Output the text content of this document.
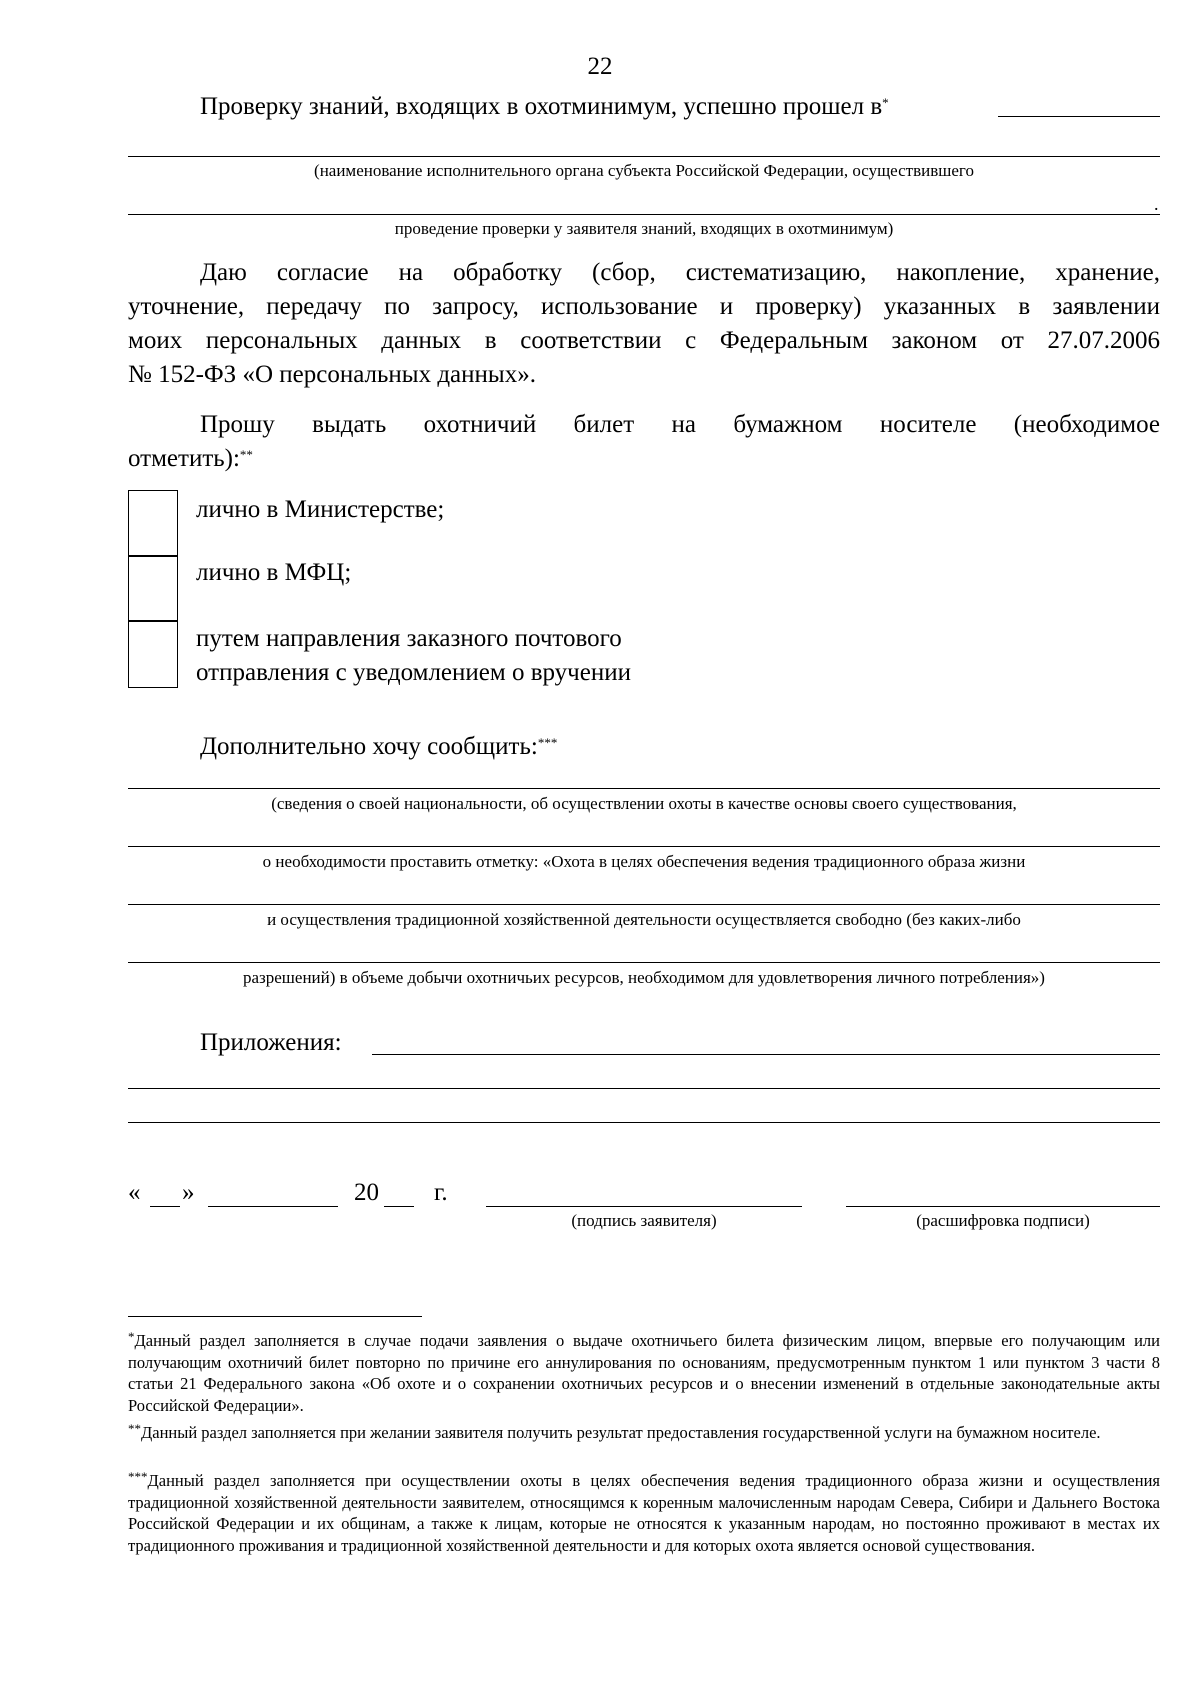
22
Проверку знаний, входящих в охотминимум, успешно прошел в*
(наименование исполнительного органа субъекта Российской Федерации, осуществившего
.
проведение проверки у заявителя знаний, входящих в охотминимум)
Даю согласие на обработку (сбор, систематизацию, накопление, хранение,
уточнение, передачу по запросу, использование и проверку) указанных в заявлении
моих персональных данных в соответствии с Федеральным законом от 27.07.2006
№ 152-ФЗ «О персональных данных».
Прошу выдать охотничий билет на бумажном носителе (необходимое
отметить):**
лично в Министерстве;
лично в МФЦ;
путем направления заказного почтового
отправления с уведомлением о вручении
Дополнительно хочу сообщить:***
(сведения о своей национальности, об осуществлении охоты в качестве основы своего существования,
о необходимости проставить отметку: «Охота в целях обеспечения ведения традиционного образа жизни
и осуществления традиционной хозяйственной деятельности осуществляется свободно (без каких-либо
разрешений) в объеме добычи охотничьих ресурсов, необходимом для удовлетворения личного потребления»)
Приложения:
« »	20 г.
(подпись заявителя)	(расшифровка подписи)
*Данный раздел заполняется в случае подачи заявления о выдаче охотничьего билета физическим лицом, впервые его получающим или получающим охотничий билет повторно по причине его аннулирования по основаниям, предусмотренным пунктом 1 или пунктом 3 части 8 статьи 21 Федерального закона «Об охоте и о сохранении охотничьих ресурсов и о внесении изменений в отдельные законодательные акты Российской Федерации».
**Данный раздел заполняется при желании заявителя получить результат предоставления государственной услуги на бумажном носителе.
***Данный раздел заполняется при осуществлении охоты в целях обеспечения ведения традиционного образа жизни и осуществления традиционной хозяйственной деятельности заявителем, относящимся к коренным малочисленным народам Севера, Сибири и Дальнего Востока Российской Федерации и их общинам, а также к лицам, которые не относятся к указанным народам, но постоянно проживают в местах их традиционного проживания и традиционной хозяйственной деятельности и для которых охота является основой существования.
